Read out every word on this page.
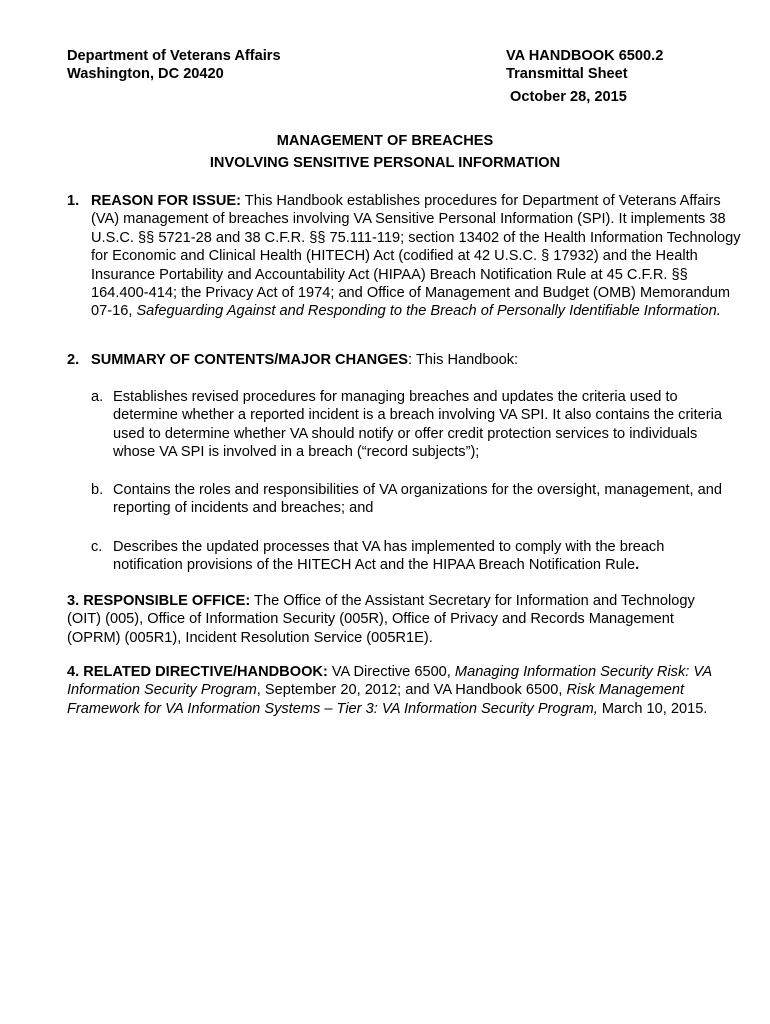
Department of Veterans Affairs
Washington, DC 20420
VA HANDBOOK 6500.2
Transmittal Sheet
October 28, 2015
MANAGEMENT OF BREACHES
INVOLVING SENSITIVE PERSONAL INFORMATION
1. REASON FOR ISSUE: This Handbook establishes procedures for Department of Veterans Affairs (VA) management of breaches involving VA Sensitive Personal Information (SPI). It implements 38 U.S.C. §§ 5721-28 and 38 C.F.R. §§ 75.111-119; section 13402 of the Health Information Technology for Economic and Clinical Health (HITECH) Act (codified at 42 U.S.C. § 17932) and the Health Insurance Portability and Accountability Act (HIPAA) Breach Notification Rule at 45 C.F.R. §§ 164.400-414; the Privacy Act of 1974; and Office of Management and Budget (OMB) Memorandum 07-16, Safeguarding Against and Responding to the Breach of Personally Identifiable Information.
2. SUMMARY OF CONTENTS/MAJOR CHANGES: This Handbook:
a. Establishes revised procedures for managing breaches and updates the criteria used to determine whether a reported incident is a breach involving VA SPI. It also contains the criteria used to determine whether VA should notify or offer credit protection services to individuals whose VA SPI is involved in a breach (“record subjects”);
b. Contains the roles and responsibilities of VA organizations for the oversight, management, and reporting of incidents and breaches; and
c. Describes the updated processes that VA has implemented to comply with the breach notification provisions of the HITECH Act and the HIPAA Breach Notification Rule.
3. RESPONSIBLE OFFICE: The Office of the Assistant Secretary for Information and Technology (OIT) (005), Office of Information Security (005R), Office of Privacy and Records Management (OPRM) (005R1), Incident Resolution Service (005R1E).
4. RELATED DIRECTIVE/HANDBOOK: VA Directive 6500, Managing Information Security Risk: VA Information Security Program, September 20, 2012; and VA Handbook 6500, Risk Management Framework for VA Information Systems – Tier 3: VA Information Security Program, March 10, 2015.
